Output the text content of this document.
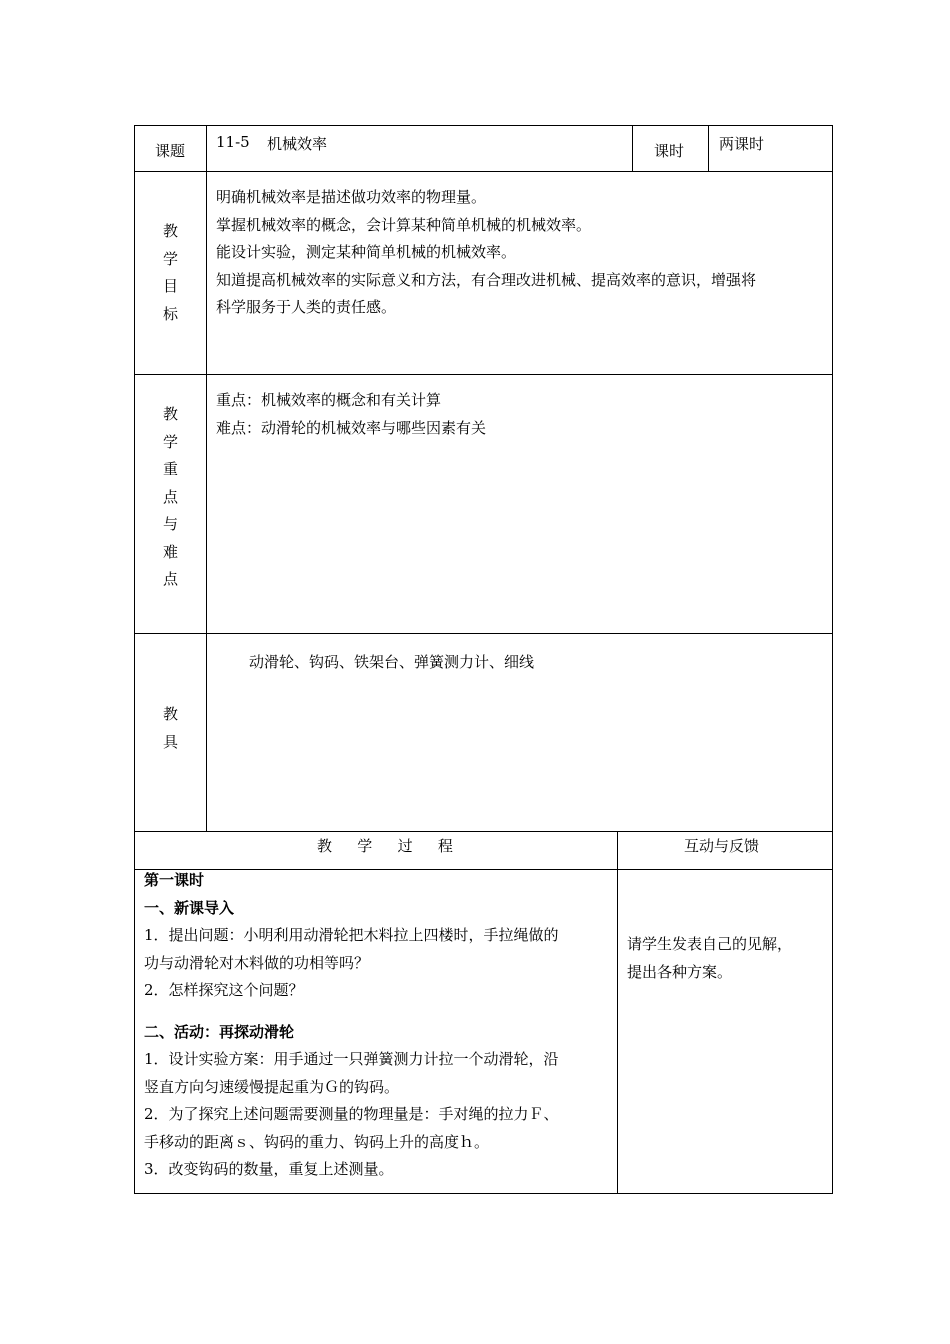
课题 11-5 机械效率	课时 两课时
教
学
目
标
明确机械效率是描述做功效率的物理量。
掌握机械效率的概念，会计算某种简单机械的机械效率。
能设计实验，测定某种简单机械的机械效率。
知道提高机械效率的实际意义和方法，有合理改进机械、提高效率的意识，增强将
科学服务于人类的责任感。
教
学
重
点
与
难
点
重点：机械效率的概念和有关计算
难点：动滑轮的机械效率与哪些因素有关
教
具
动滑轮、钩码、铁架台、弹簧测力计、细线
教  学  过  程	互动与反馈
第一课时
一、新课导入
1．提出问题：小明利用动滑轮把木料拉上四楼时，手拉绳做的
功与动滑轮对木料做的功相等吗？
2．怎样探究这个问题？
二、活动：再探动滑轮
1．设计实验方案：用手通过一只弹簧测力计拉一个动滑轮，沿
竖直方向匀速缓慢提起重为Ｇ的钩码。
2．为了探究上述问题需要测量的物理量是：手对绳的拉力Ｆ、
手移动的距离ｓ、钩码的重力、钩码上升的高度ｈ。
3．改变钩码的数量，重复上述测量。
请学生发表自己的见解，
提出各种方案。
